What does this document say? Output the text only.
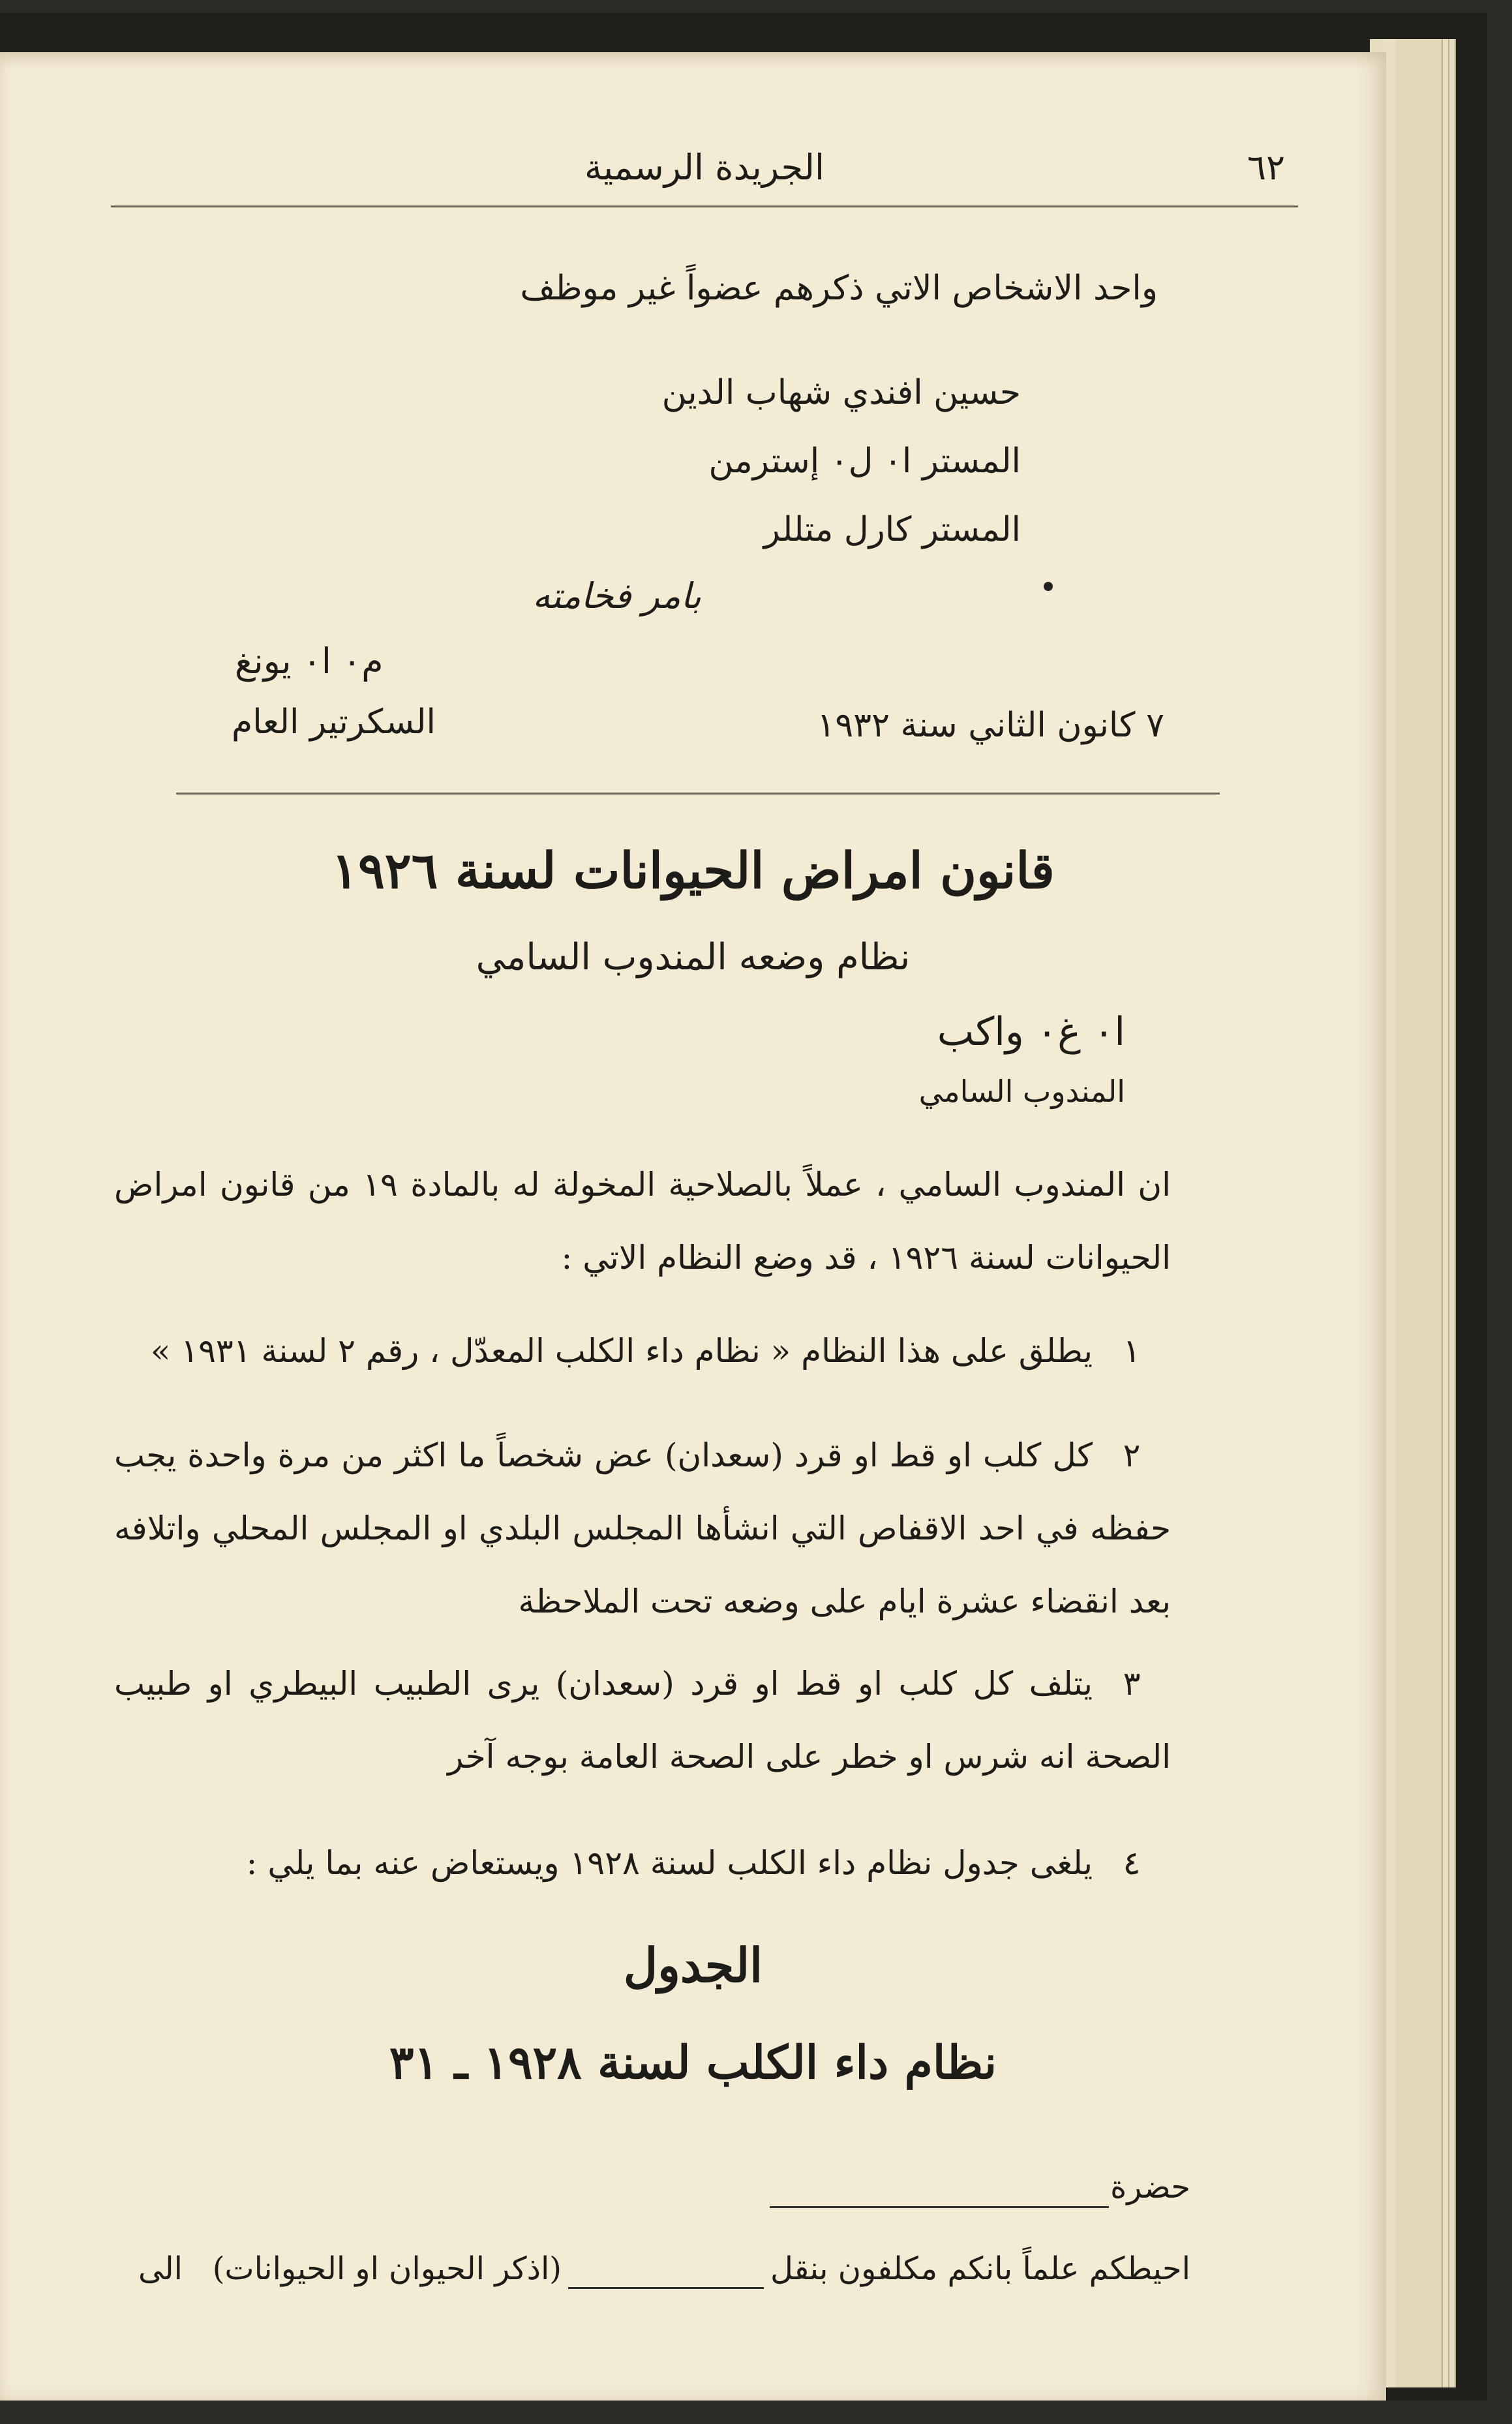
الجريدة الرسمية	٦٢
واحد الاشخاص الاتي ذكرهم عضواً غير موظف
حسين افندي شهاب الدين
المستر ا٠ ل٠ إسترمن
المستر كارل متللر
بامر فخامته
م٠ ا٠ يونغ
السكرتير العام	٧ كانون الثاني سنة ١٩٣٢
قانون امراض الحيوانات لسنة ١٩٢٦
نظام وضعه المندوب السامي
ا٠ غ٠ واكب
المندوب السامي
ان المندوب السامي ، عملاً بالصلاحية المخولة له بالمادة ١٩ من قانون امراض الحيوانات لسنة ١٩٢٦ ، قد وضع النظام الاتي :
١يطلق على هذا النظام « نظام داء الكلب المعدّل ، رقم ٢ لسنة ١٩٣١ »
٢كل كلب او قط او قرد (سعدان) عض شخصاً ما اكثر من مرة واحدة يجب حفظه في احد الاقفاص التي انشأها المجلس البلدي او المجلس المحلي واتلافه بعد انقضاء عشرة ايام على وضعه تحت الملاحظة
٣يتلف كل كلب او قط او قرد (سعدان) يرى الطبيب البيطري او طبيب الصحة انه شرس او خطر على الصحة العامة بوجه آخر
٤يلغى جدول نظام داء الكلب لسنة ١٩٢٨ ويستعاض عنه بما يلي :
الجدول
نظام داء الكلب لسنة ١٩٢٨ ـ ٣١
حضرة
احيطكم علماً بانكم مكلفون بنقل (اذكر الحيوان او الحيوانات)   الى
